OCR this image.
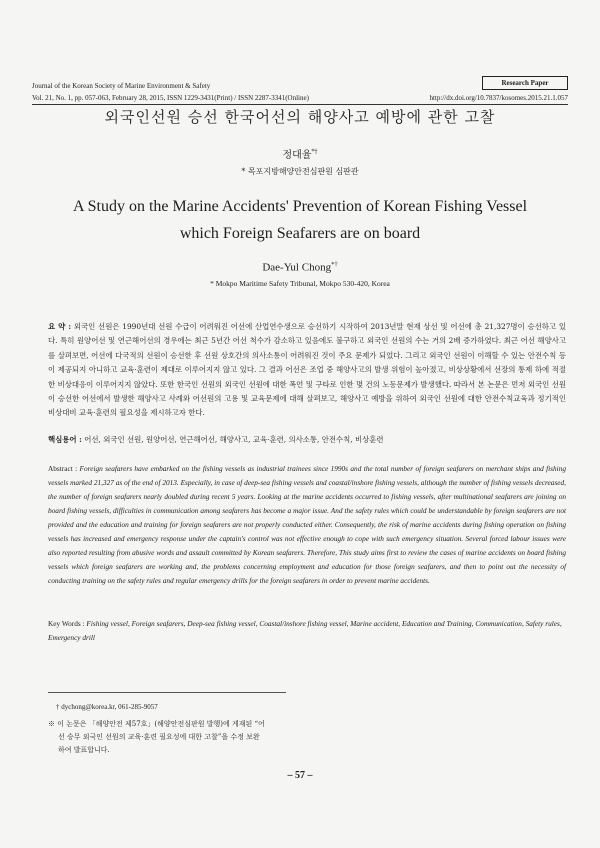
Journal of the Korean Society of Marine Environment & Safety	Research Paper
Vol. 21, No. 1, pp. 057-063, February 28, 2015, ISSN 1229-3431(Print) / ISSN 2287-3341(Online)	http://dx.doi.org/10.7837/kosomes.2015.21.1.057
외국인선원 승선 한국어선의 해양사고 예방에 관한 고찰
정대율*†
* 목포지방해양안전심판원 심판관
A Study on the Marine Accidents' Prevention of Korean Fishing Vessel
which Foreign Seafarers are on board
Dae-Yul Chong*†
* Mokpo Maritime Safety Tribunal, Mokpo 530-420, Korea
요 약 : 외국인 선원은 1990년대 선원 수급이 어려워진 어선에 산업연수생으로 승선하기 시작하여 2013년말 현재 상선 및 어선에 총 21,327명이 승선하고 있다. 특히 원양어선 및 연근해어선의 경우에는 최근 5년간 어선 척수가 감소하고 있음에도 불구하고 외국인 선원의 수는 거의 2배 증가하였다. 최근 어선 해양사고를 살펴보면, 어선에 다국적의 선원이 승선한 후 선원 상호간의 의사소통이 어려워진 것이 주요 문제가 되었다. 그리고 외국인 선원이 이해할 수 있는 안전수칙 등이 제공되지 아니하고 교육·훈련이 제대로 이루어지지 않고 있다. 그 결과 어선은 조업 중 해양사고의 발생 위험이 높아졌고, 비상상황에서 선장의 통제 하에 적절한 비상대응이 이루어지지 않았다. 또한 한국인 선원의 외국인 선원에 대한 폭언 및 구타로 인한 몇 건의 노동문제가 발생했다. 따라서 본 논문은 먼저 외국인 선원이 승선한 어선에서 발생한 해양사고 사례와 어선원의 고용 및 교육문제에 대해 살펴보고, 해양사고 예방을 위하여 외국인 선원에 대한 안전수칙교육과 정기적인 비상대비 교육·훈련의 필요성을 제시하고자 한다.
핵심용어 : 어선, 외국인 선원, 원양어선, 연근해어선, 해양사고, 교육·훈련, 의사소통, 안전수칙, 비상훈련
Abstract : Foreign seafarers have embarked on the fishing vessels as industrial trainees since 1990s and the total number of foreign seafarers on merchant ships and fishing vessels marked 21,327 as of the end of 2013. Especially, in case of deep-sea fishing vessels and coastal/inshore fishing vessels, although the number of fishing vessels decreased, the number of foreign seafarers nearly doubled during recent 5 years. Looking at the marine accidents occurred to fishing vessels, after multinational seafarers are joining on board fishing vessels, difficulties in communication among seafarers has become a major issue. And the safety rules which could be understandable by foreign seafarers are not provided and the education and training for foreign seafarers are not properly conducted either. Consequently, the risk of marine accidents during fishing operation on fishing vessels has increased and emergency response under the captain's control was not effective enough to cope with such emergency situation. Several forced labour issues were also reported resulting from abusive words and assault committed by Korean seafarers. Therefore, This study aims first to review the cases of marine accidents on board fishing vessels which foreign seafarers are working and, the problems concerning employment and education for those foreign seafarers, and then to point out the necessity of conducting training on the safety rules and regular emergency drills for the foreign seafarers in order to prevent marine accidents.
Key Words : Fishing vessel, Foreign seafarers, Deep-sea fishing vessel, Coastal/inshore fishing vessel, Marine accident, Education and Training, Communication, Safety rules, Emergency drill
† dychong@korea.kr, 061-285-9057
※ 이 논문은 「해양안전 제57호」(해양안전심판원 발행)에 게재된 “어
선 승무 외국인 선원의 교육·훈련 필요성에 대한 고찰”을 수정 보완
하여 발표합니다.
– 57 –
